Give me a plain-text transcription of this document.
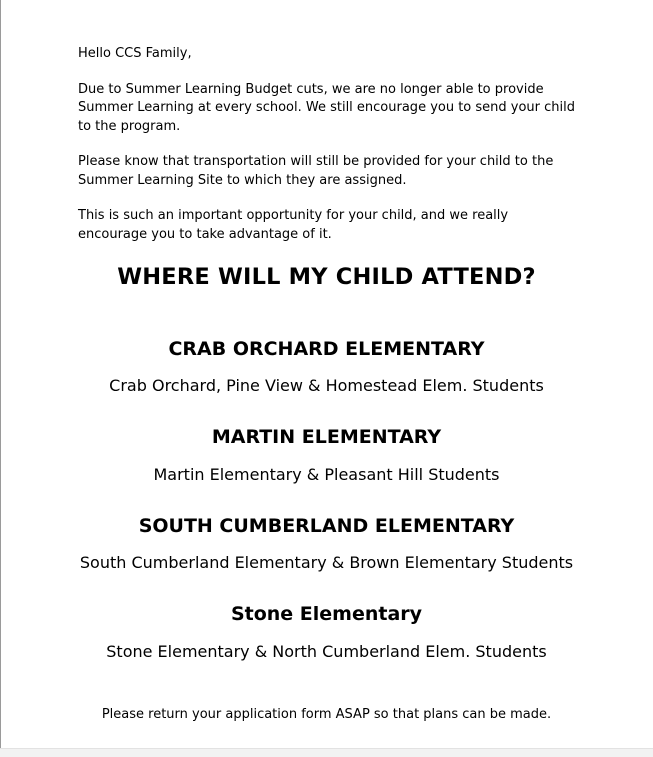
Hello CCS Family,

Due to Summer Learning Budget cuts, we are no longer able to provide Summer Learning at every school. We still encourage you to send your child to the program.

Please know that transportation will still be provided for your child to the Summer Learning Site to which they are assigned.

This is such an important opportunity for your child, and we really encourage you to take advantage of it.

WHERE WILL MY CHILD ATTEND?
CRAB ORCHARD ELEMENTARY

Crab Orchard, Pine View & Homestead Elem. Students

MARTIN ELEMENTARY

Martin Elementary & Pleasant Hill Students

SOUTH CUMBERLAND ELEMENTARY

South Cumberland Elementary & Brown Elementary Students

Stone Elementary

Stone Elementary & North Cumberland Elem. Students

Please return your application form ASAP so that plans can be made.
